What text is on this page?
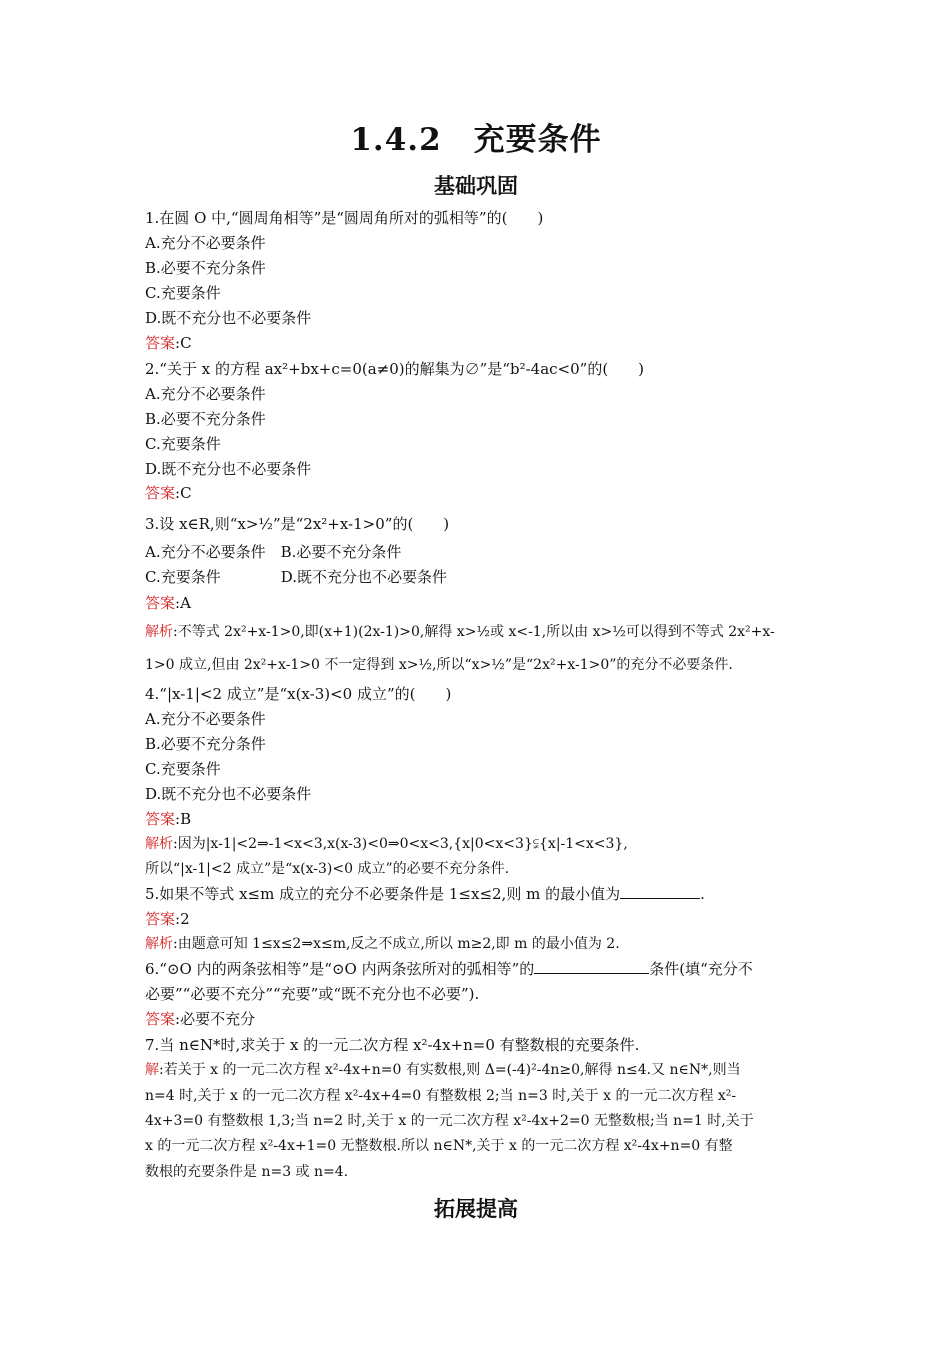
1.4.2　充要条件
基础巩固
1.在圆 O 中,“圆周角相等”是“圆周角所对的弧相等”的(　　)
A.充分不必要条件
B.必要不充分条件
C.充要条件
D.既不充分也不必要条件
答案:C
2.“关于 x 的方程 ax²+bx+c=0(a≠0)的解集为∅”是“b²-4ac<0”的(　　)
A.充分不必要条件
B.必要不充分条件
C.充要条件
D.既不充分也不必要条件
答案:C
3.设 x∈R,则“x>½”是“2x²+x-1>0”的(　　)
A.充分不必要条件　B.必要不充分条件
C.充要条件　　　　D.既不充分也不必要条件
答案:A
解析:不等式 2x²+x-1>0,即(x+1)(2x-1)>0,解得 x>½或 x<-1,所以由 x>½可以得到不等式 2x²+x-
1>0 成立,但由 2x²+x-1>0 不一定得到 x>½,所以“x>½”是“2x²+x-1>0”的充分不必要条件.
4.“|x-1|<2 成立”是“x(x-3)<0 成立”的(　　)
A.充分不必要条件
B.必要不充分条件
C.充要条件
D.既不充分也不必要条件
答案:B
解析:因为|x-1|<2⇒-1<x<3,x(x-3)<0⇒0<x<3,{x|0<x<3}⫋{x|-1<x<3},
所以“|x-1|<2 成立”是“x(x-3)<0 成立”的必要不充分条件.
5.如果不等式 x≤m 成立的充分不必要条件是 1≤x≤2,则 m 的最小值为	.
答案:2
解析:由题意可知 1≤x≤2⇒x≤m,反之不成立,所以 m≥2,即 m 的最小值为 2.
6.“⊙O 内的两条弦相等”是“⊙O 内两条弦所对的弧相等”的	条件(填“充分不
必要”“必要不充分”“充要”或“既不充分也不必要”).
答案:必要不充分
7.当 n∈N*时,求关于 x 的一元二次方程 x²-4x+n=0 有整数根的充要条件.
解:若关于 x 的一元二次方程 x²-4x+n=0 有实数根,则 Δ=(-4)²-4n≥0,解得 n≤4.又 n∈N*,则当
n=4 时,关于 x 的一元二次方程 x²-4x+4=0 有整数根 2;当 n=3 时,关于 x 的一元二次方程 x²-
4x+3=0 有整数根 1,3;当 n=2 时,关于 x 的一元二次方程 x²-4x+2=0 无整数根;当 n=1 时,关于
x 的一元二次方程 x²-4x+1=0 无整数根.所以 n∈N*,关于 x 的一元二次方程 x²-4x+n=0 有整
数根的充要条件是 n=3 或 n=4.
拓展提高
